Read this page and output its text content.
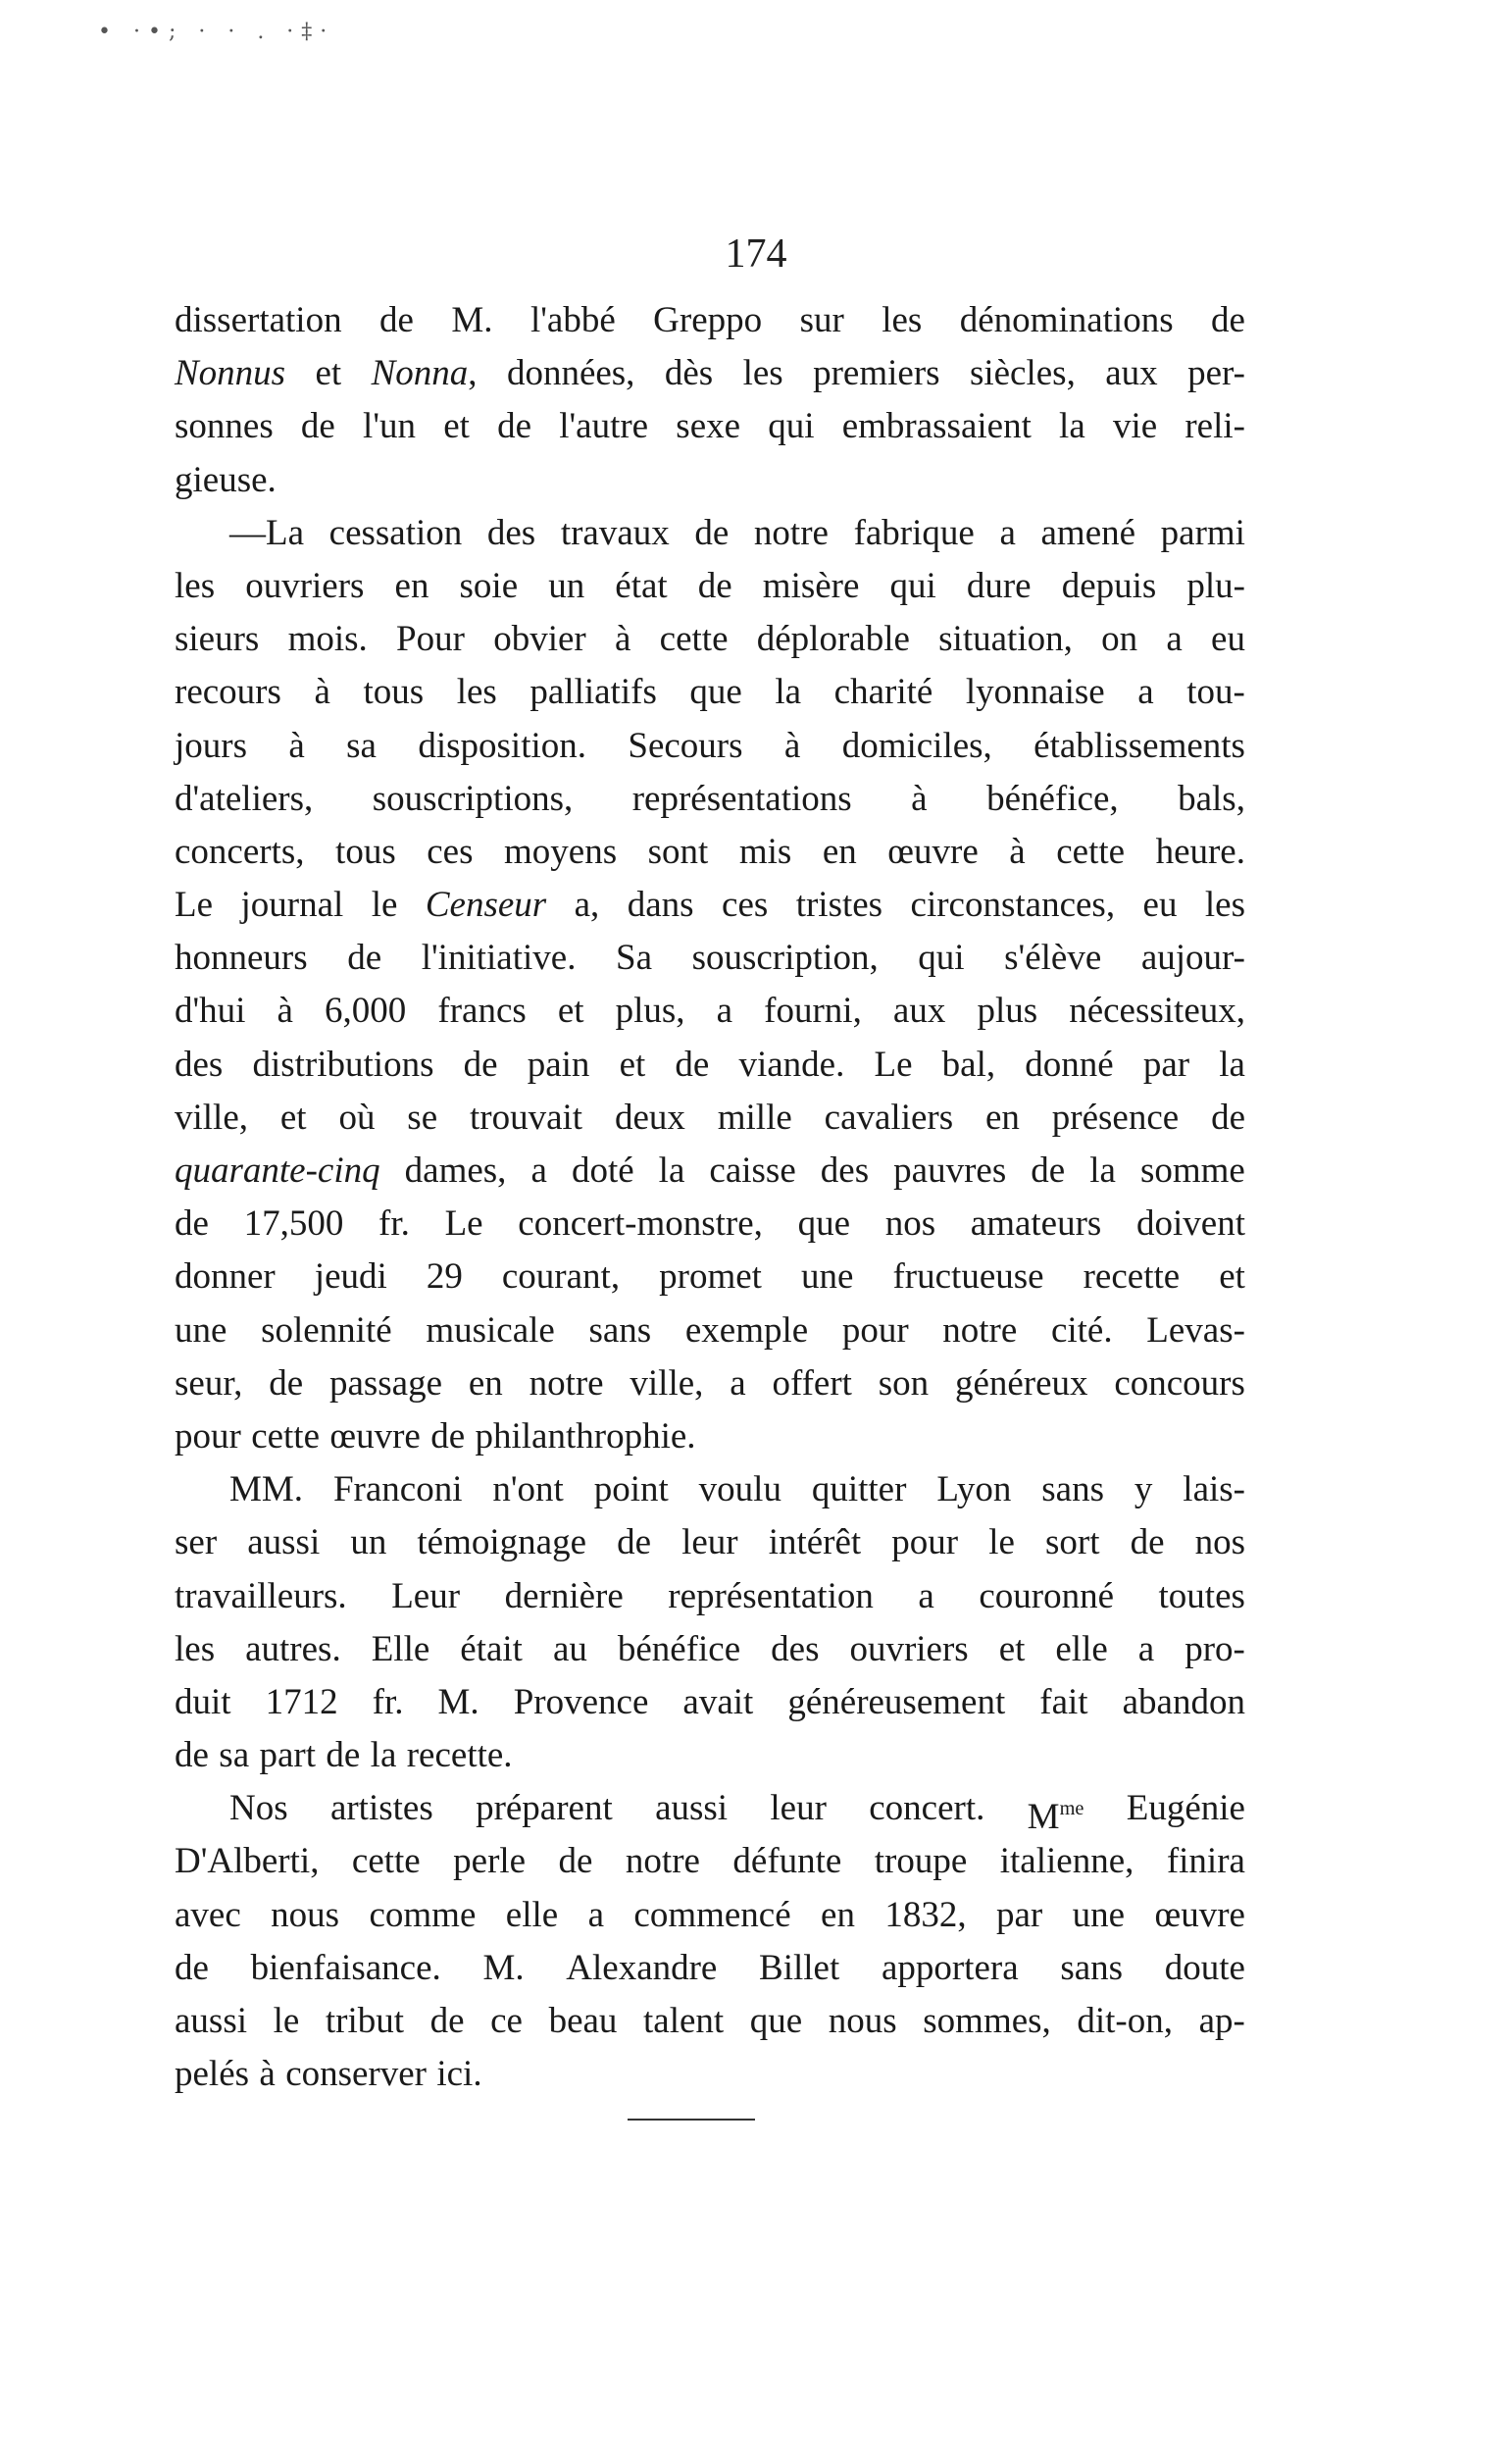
• ·•; · · . ·‡·
174
dissertation de M. l'abbé Greppo sur les dénominations de
Nonnus et Nonna, données, dès les premiers siècles, aux per-
sonnes de l'un et de l'autre sexe qui embrassaient la vie reli-
gieuse.
—La cessation des travaux de notre fabrique a amené parmi
les ouvriers en soie un état de misère qui dure depuis plu-
sieurs mois. Pour obvier à cette déplorable situation, on a eu
recours à tous les palliatifs que la charité lyonnaise a tou-
jours à sa disposition. Secours à domiciles, établissements
d'ateliers, souscriptions, représentations à bénéfice, bals,
concerts, tous ces moyens sont mis en œuvre à cette heure.
Le journal le Censeur a, dans ces tristes circonstances, eu les
honneurs de l'initiative. Sa souscription, qui s'élève aujour-
d'hui à 6,000 francs et plus, a fourni, aux plus nécessiteux,
des distributions de pain et de viande. Le bal, donné par la
ville, et où se trouvait deux mille cavaliers en présence de
quarante-cinq dames, a doté la caisse des pauvres de la somme
de 17,500 fr. Le concert-monstre, que nos amateurs doivent
donner jeudi 29 courant, promet une fructueuse recette et
une solennité musicale sans exemple pour notre cité. Levas-
seur, de passage en notre ville, a offert son généreux concours
pour cette œuvre de philanthrophie.
MM. Franconi n'ont point voulu quitter Lyon sans y lais-
ser aussi un témoignage de leur intérêt pour le sort de nos
travailleurs. Leur dernière représentation a couronné toutes
les autres. Elle était au bénéfice des ouvriers et elle a pro-
duit 1712 fr. M. Provence avait généreusement fait abandon
de sa part de la recette.
Nos artistes préparent aussi leur concert. $M^{me}$ Eugénie
D'Alberti, cette perle de notre défunte troupe italienne, finira
avec nous comme elle a commencé en 1832, par une œuvre
de bienfaisance. M. Alexandre Billet apportera sans doute
aussi le tribut de ce beau talent que nous sommes, dit-on, ap-
pelés à conserver ici.
